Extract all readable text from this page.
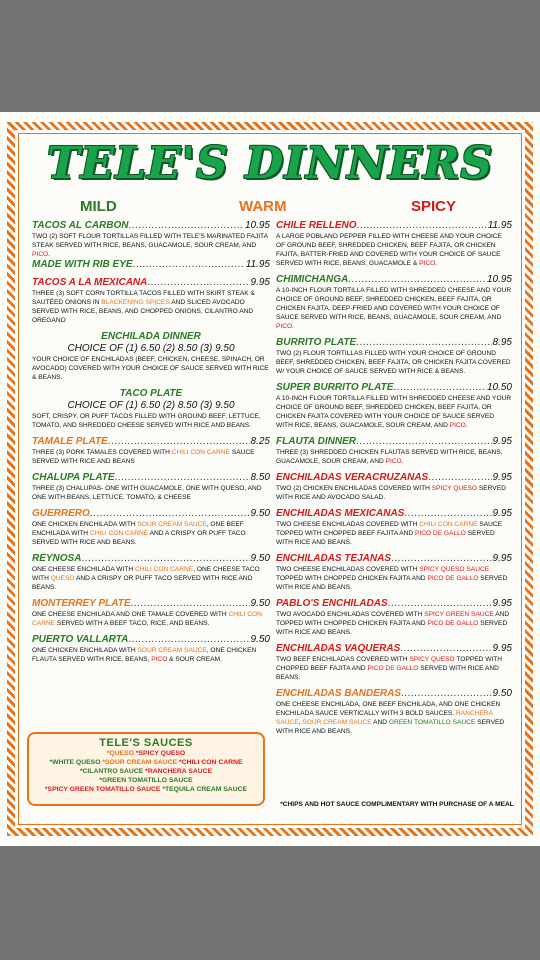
TELE'S DINNERS
MILD	WARM	SPICY
TACOS AL CARBON .....	10.95
TWO (2) SOFT FLOUR TORTILLAS FILLED WITH TELE'S MARINATED FAJITA STEAK SERVED WITH RICE, BEANS, GUACAMOLE, SOUR CREAM, AND PICO.
MADE WITH RIB EYE .....	11.95
TACOS A LA MEXICANA .....	9.95
THREE (3) SOFT CORN TORTILLA TACOS FILLED WITH SKIRT STEAK & SAUTÉED ONIONS IN BLACKENING SPICES AND SLICED AVOCADO SERVED WITH RICE, BEANS, AND CHOPPED ONIONS, CILANTRO AND OREGANO
ENCHILADA DINNER
CHOICE OF (1) 6.50 (2) 8.50 (3) 9.50
YOUR CHOICE OF ENCHILADAS (BEEF, CHICKEN, CHEESE, SPINACH, OR AVOCADO) COVERED WITH YOUR CHOICE OF SAUCE SERVED WITH RICE & BEANS.
TACO PLATE
CHOICE OF (1) 6.50 (2) 8.50 (3) 9.50
SOFT, CRISPY, OR PUFF TACOS FILLED WITH GROUND BEEF, LETTUCE, TOMATO, AND SHREDDED CHEESE SERVED WITH RICE AND BEANS.
TAMALE PLATE .....	8.25
THREE (3) PORK TAMALES COVERED WITH CHILI CON CARNE SAUCE SERVED WITH RICE AND BEANS
CHALUPA PLATE .....	8.50
THREE (3) CHALUPAS- ONE WITH GUACAMOLE, ONE WITH QUESO, AND ONE WITH BEANS, LETTUCE, TOMATO, & CHEESE
GUERRERO .....	9.50
ONE CHICKEN ENCHILADA WITH SOUR CREAM SAUCE, ONE BEEF ENCHILADA WITH CHILI CON CARNE AND A CRISPY OR PUFF TACO SERVED WITH RICE AND BEANS.
REYNOSA .....	9.50
ONE CHEESE ENCHILADA WITH CHILI CON CARNE, ONE CHEESE TACO WITH QUESO AND A CRISPY OR PUFF TACO SERVED WITH RICE AND BEANS.
MONTERREY PLATE .....	9.50
ONE CHEESE ENCHILADA AND ONE TAMALE COVERED WITH CHILI CON CARNE SERVED WITH A BEEF TACO, RICE, AND BEANS.
PUERTO VALLARTA .....	9.50
ONE CHICKEN ENCHILADA WITH SOUR CREAM SAUCE, ONE CHICKEN FLAUTA SERVED WITH RICE, BEANS, PICO & SOUR CREAM.
CHILE RELLENO .....	11.95
A LARGE POBLANO PEPPER FILLED WITH CHEESE AND YOUR CHOICE OF GROUND BEEF, SHREDDED CHICKEN, BEEF FAJITA, OR CHICKEN FAJITA, BATTER-FRIED AND COVERED WITH YOUR CHOICE OF SAUCE SERVED WITH RICE, BEANS, GUACAMOLE & PICO.
CHIMICHANGA .....	10.95
A 10-INCH FLOUR TORTILLA FILLED WITH SHREDDED CHEESE AND YOUR CHOICE OF GROUND BEEF, SHREDDED CHICKEN, BEEF FAJITA, OR CHICKEN FAJITA, DEEP-FRIED AND COVERED WITH YOUR CHOICE OF SAUCE SERVED WITH RICE, BEANS, GUACAMOLE, SOUR CREAM, AND PICO.
BURRITO PLATE .....	8.95
TWO (2) FLOUR TORTILLAS FILLED WITH YOUR CHOICE OF GROUND BEEF, SHREDDED CHICKEN, BEEF FAJITA, OR CHICKEN FAJITA COVERED W/ YOUR CHOICE OF SAUCE SERVED WITH RICE & BEANS.
SUPER BURRITO PLATE .....	10.50
A 10-INCH FLOUR TORTILLA FILLED WITH SHREDDED CHEESE AND YOUR CHOICE OF GROUND BEEF, SHREDDED CHICKEN, BEEF FAJITA, OR CHICKEN FAJITA COVERED WITH YOUR CHOICE OF SAUCE SERVED WITH RICE, BEANS, GUACAMOLE, SOUR CREAM, AND PICO.
FLAUTA DINNER .....	9.95
THREE (3) SHREDDED CHICKEN FLAUTAS SERVED WITH RICE, BEANS, GUACAMOLE, SOUR CREAM, AND PICO.
ENCHILADAS VERACRUZANAS .....	9.95
TWO (2) CHICKEN ENCHILADAS COVERED WITH SPICY QUESO SERVED WITH RICE AND AVOCADO SALAD.
ENCHILADAS MEXICANAS .....	9.95
TWO CHEESE ENCHILADAS COVERED WITH CHILI CON CARNE SAUCE TOPPED WITH CHOPPED BEEF FAJITA AND PICO DE GALLO SERVED WITH RICE AND BEANS.
ENCHILADAS TEJANAS .....	9.95
TWO CHEESE ENCHILADAS COVERED WITH SPICY QUESO SAUCE TOPPED WITH CHOPPED CHICKEN FAJITA AND PICO DE GALLO SERVED WITH RICE AND BEANS.
PABLO'S ENCHILADAS .....	9.95
TWO AVOCADO ENCHILADAS COVERED WITH SPICY GREEN SAUCE AND TOPPED WITH CHOPPED CHICKEN FAJITA AND PICO DE GALLO SERVED WITH RICE AND BEANS.
ENCHILADAS VAQUERAS .....	9.95
TWO BEEF ENCHILADAS COVERED WITH SPICY QUESO TOPPED WITH CHOPPED BEEF FAJITA AND PICO DE GALLO SERVED WITH RICE AND BEANS.
ENCHILADAS BANDERAS .....	9.50
ONE CHEESE ENCHILADA, ONE BEEF ENCHILADA, AND ONE CHICKEN ENCHILADA SAUCE VERTICALLY WITH 3 BOLD SAUCES. RANCHERA SAUCE, SOUR CREAM SAUCE AND GREEN TOMATILLO SAUCE SERVED WITH RICE AND BEANS.
TELE'S SAUCES
*QUESO *SPICY QUESO
*WHITE QUESO *SOUR CREAM SAUCE *CHILI CON CARNE
*CILANTRO SAUCE *RANCHERA SAUCE
*GREEN TOMATILLO SAUCE
*SPICY GREEN TOMATILLO SAUCE *TEQUILA CREAM SAUCE
*CHIPS AND HOT SAUCE COMPLIMENTARY WITH PURCHASE OF A MEAL
